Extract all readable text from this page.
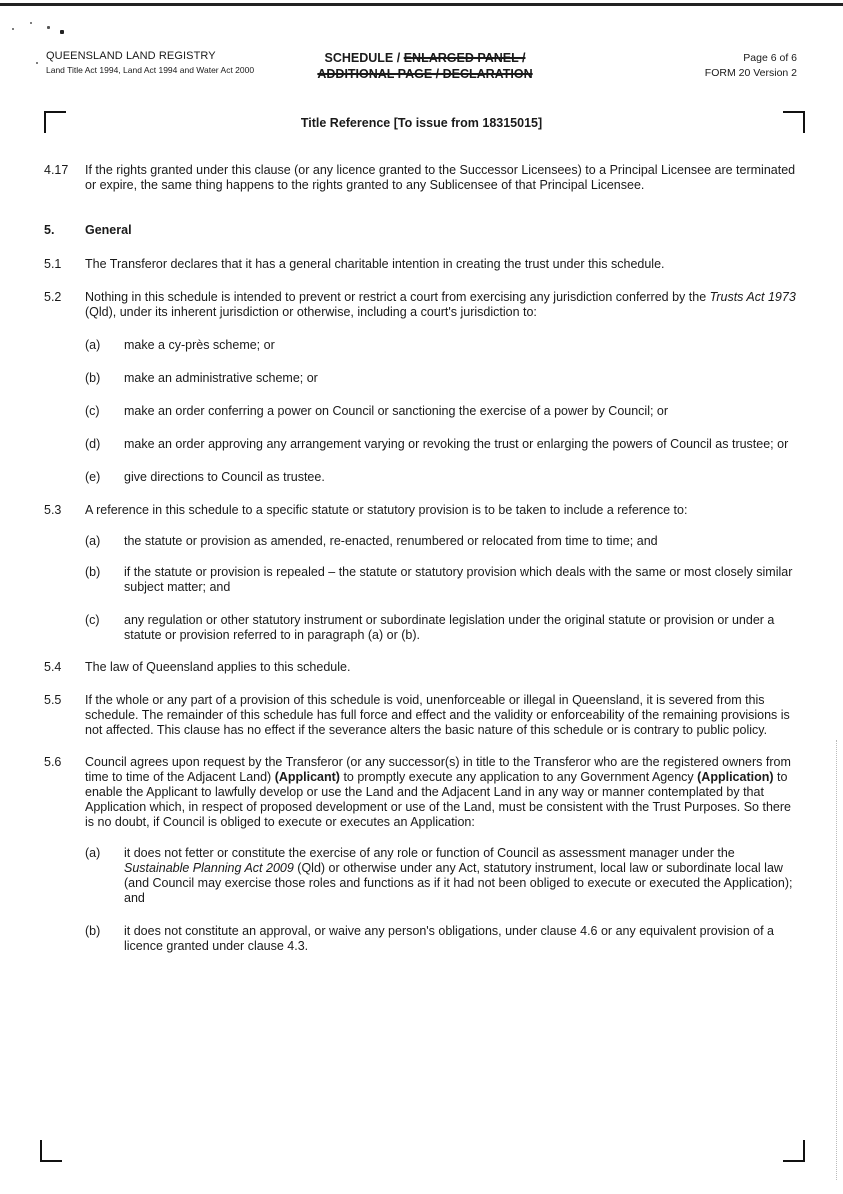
QUEENSLAND LAND REGISTRY
Land Title Act 1994, Land Act 1994 and Water Act 2000
SCHEDULE / ENLARGED PANEL /
ADDITIONAL PAGE / DECLARATION
Page 6 of 6
FORM 20 Version 2
Title Reference [To issue from 18315015]
4.17	If the rights granted under this clause (or any licence granted to the Successor Licensees) to a Principal Licensee are terminated or expire, the same thing happens to the rights granted to any Sublicensee of that Principal Licensee.
5.	General
5.1	The Transferor declares that it has a general charitable intention in creating the trust under this schedule.
5.2	Nothing in this schedule is intended to prevent or restrict a court from exercising any jurisdiction conferred by the Trusts Act 1973 (Qld), under its inherent jurisdiction or otherwise, including a court's jurisdiction to:
(a)	make a cy-près scheme; or
(b)	make an administrative scheme; or
(c)	make an order conferring a power on Council or sanctioning the exercise of a power by Council; or
(d)	make an order approving any arrangement varying or revoking the trust or enlarging the powers of Council as trustee; or
(e)	give directions to Council as trustee.
5.3	A reference in this schedule to a specific statute or statutory provision is to be taken to include a reference to:
(a)	the statute or provision as amended, re-enacted, renumbered or relocated from time to time; and
(b)	if the statute or provision is repealed – the statute or statutory provision which deals with the same or most closely similar subject matter; and
(c)	any regulation or other statutory instrument or subordinate legislation under the original statute or provision or under a statute or provision referred to in paragraph (a) or (b).
5.4	The law of Queensland applies to this schedule.
5.5	If the whole or any part of a provision of this schedule is void, unenforceable or illegal in Queensland, it is severed from this schedule. The remainder of this schedule has full force and effect and the validity or enforceability of the remaining provisions is not affected. This clause has no effect if the severance alters the basic nature of this schedule or is contrary to public policy.
5.6	Council agrees upon request by the Transferor (or any successor(s) in title to the Transferor who are the registered owners from time to time of the Adjacent Land) (Applicant) to promptly execute any application to any Government Agency (Application) to enable the Applicant to lawfully develop or use the Land and the Adjacent Land in any way or manner contemplated by that Application which, in respect of proposed development or use of the Land, must be consistent with the Trust Purposes. So there is no doubt, if Council is obliged to execute or executes an Application:
(a)	it does not fetter or constitute the exercise of any role or function of Council as assessment manager under the Sustainable Planning Act 2009 (Qld) or otherwise under any Act, statutory instrument, local law or subordinate local law (and Council may exercise those roles and functions as if it had not been obliged to execute or executed the Application); and
(b)	it does not constitute an approval, or waive any person's obligations, under clause 4.6 or any equivalent provision of a licence granted under clause 4.3.
